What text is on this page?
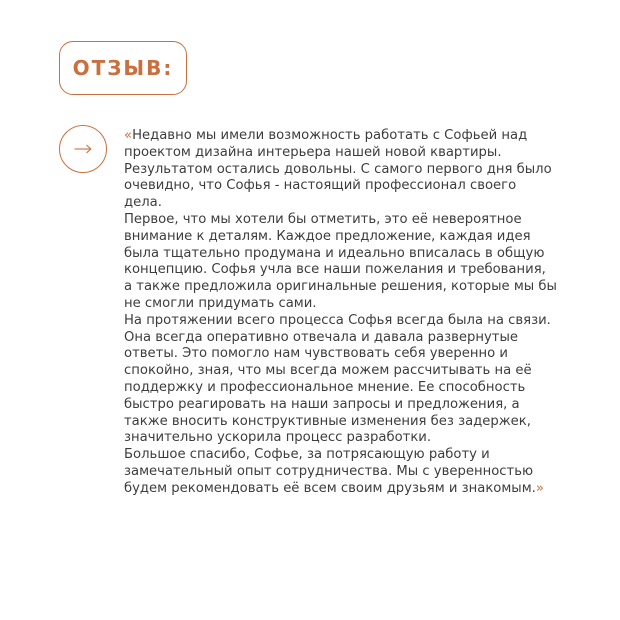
ОТЗЫВ:
«Недавно мы имели возможность работать с Софьей над
проектом дизайна интерьера нашей новой квартиры.
Результатом остались довольны. С самого первого дня было
очевидно, что Софья - настоящий профессионал своего
дела.
Первое, что мы хотели бы отметить, это её невероятное
внимание к деталям. Каждое предложение, каждая идея
была тщательно продумана и идеально вписалась в общую
концепцию. Софья учла все наши пожелания и требования,
а также предложила оригинальные решения, которые мы бы
не смогли придумать сами.
На протяжении всего процесса Софья всегда была на связи.
Она всегда оперативно отвечала и давала развернутые
ответы. Это помогло нам чувствовать себя уверенно и
спокойно, зная, что мы всегда можем рассчитывать на её
поддержку и профессиональное мнение. Ее способность
быстро реагировать на наши запросы и предложения, а
также вносить конструктивные изменения без задержек,
значительно ускорила процесс разработки.
Большое спасибо, Софье, за потрясающую работу и
замечательный опыт сотрудничества. Мы с уверенностью
будем рекомендовать её всем своим друзьям и знакомым.»
